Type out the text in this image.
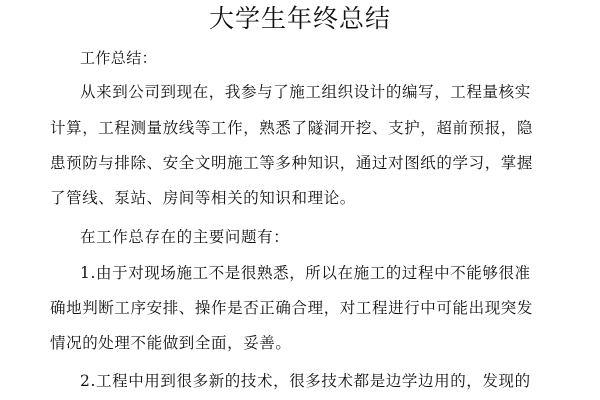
大学生年终总结

工作总结：

从来到公司到现在，我参与了施工组织设计的编写，工程量核实

计算，工程测量放线等工作，熟悉了隧洞开挖、支护，超前预报，隐

患预防与排除、安全文明施工等多种知识，通过对图纸的学习，掌握

了管线、泵站、房间等相关的知识和理论。

在工作总存在的主要问题有：

1.由于对现场施工不是很熟悉，所以在施工的过程中不能够很准

确地判断工序安排、操作是否正确合理，对工程进行中可能出现突发

情况的处理不能做到全面，妥善。

2.工程中用到很多新的技术，很多技术都是边学边用的，发现的
